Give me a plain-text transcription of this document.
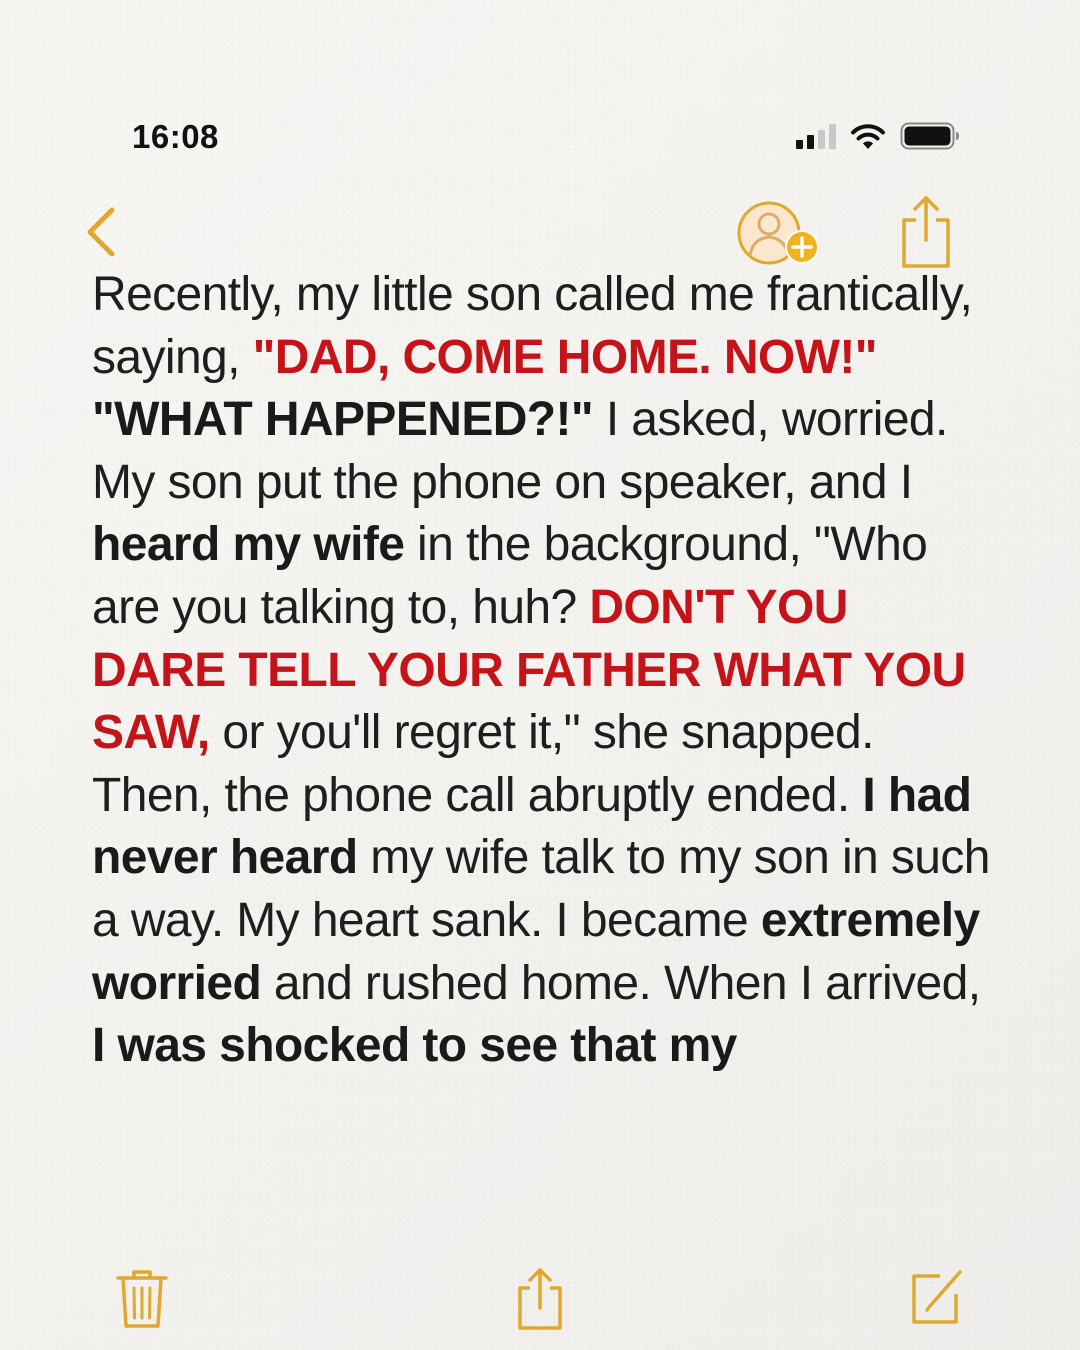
16:08

Recently, my little son called me frantically, saying, "DAD, COME HOME. NOW!"

"WHAT HAPPENED?!" I asked, worried. My son put the phone on speaker, and I heard my wife in the background, "Who are you talking to, huh? DON'T YOU DARE TELL YOUR FATHER WHAT YOU SAW, or you'll regret it," she snapped.

Then, the phone call abruptly ended. I had never heard my wife talk to my son in such a way. My heart sank. I became extremely worried and rushed home. When I arrived, I was shocked to see that my
